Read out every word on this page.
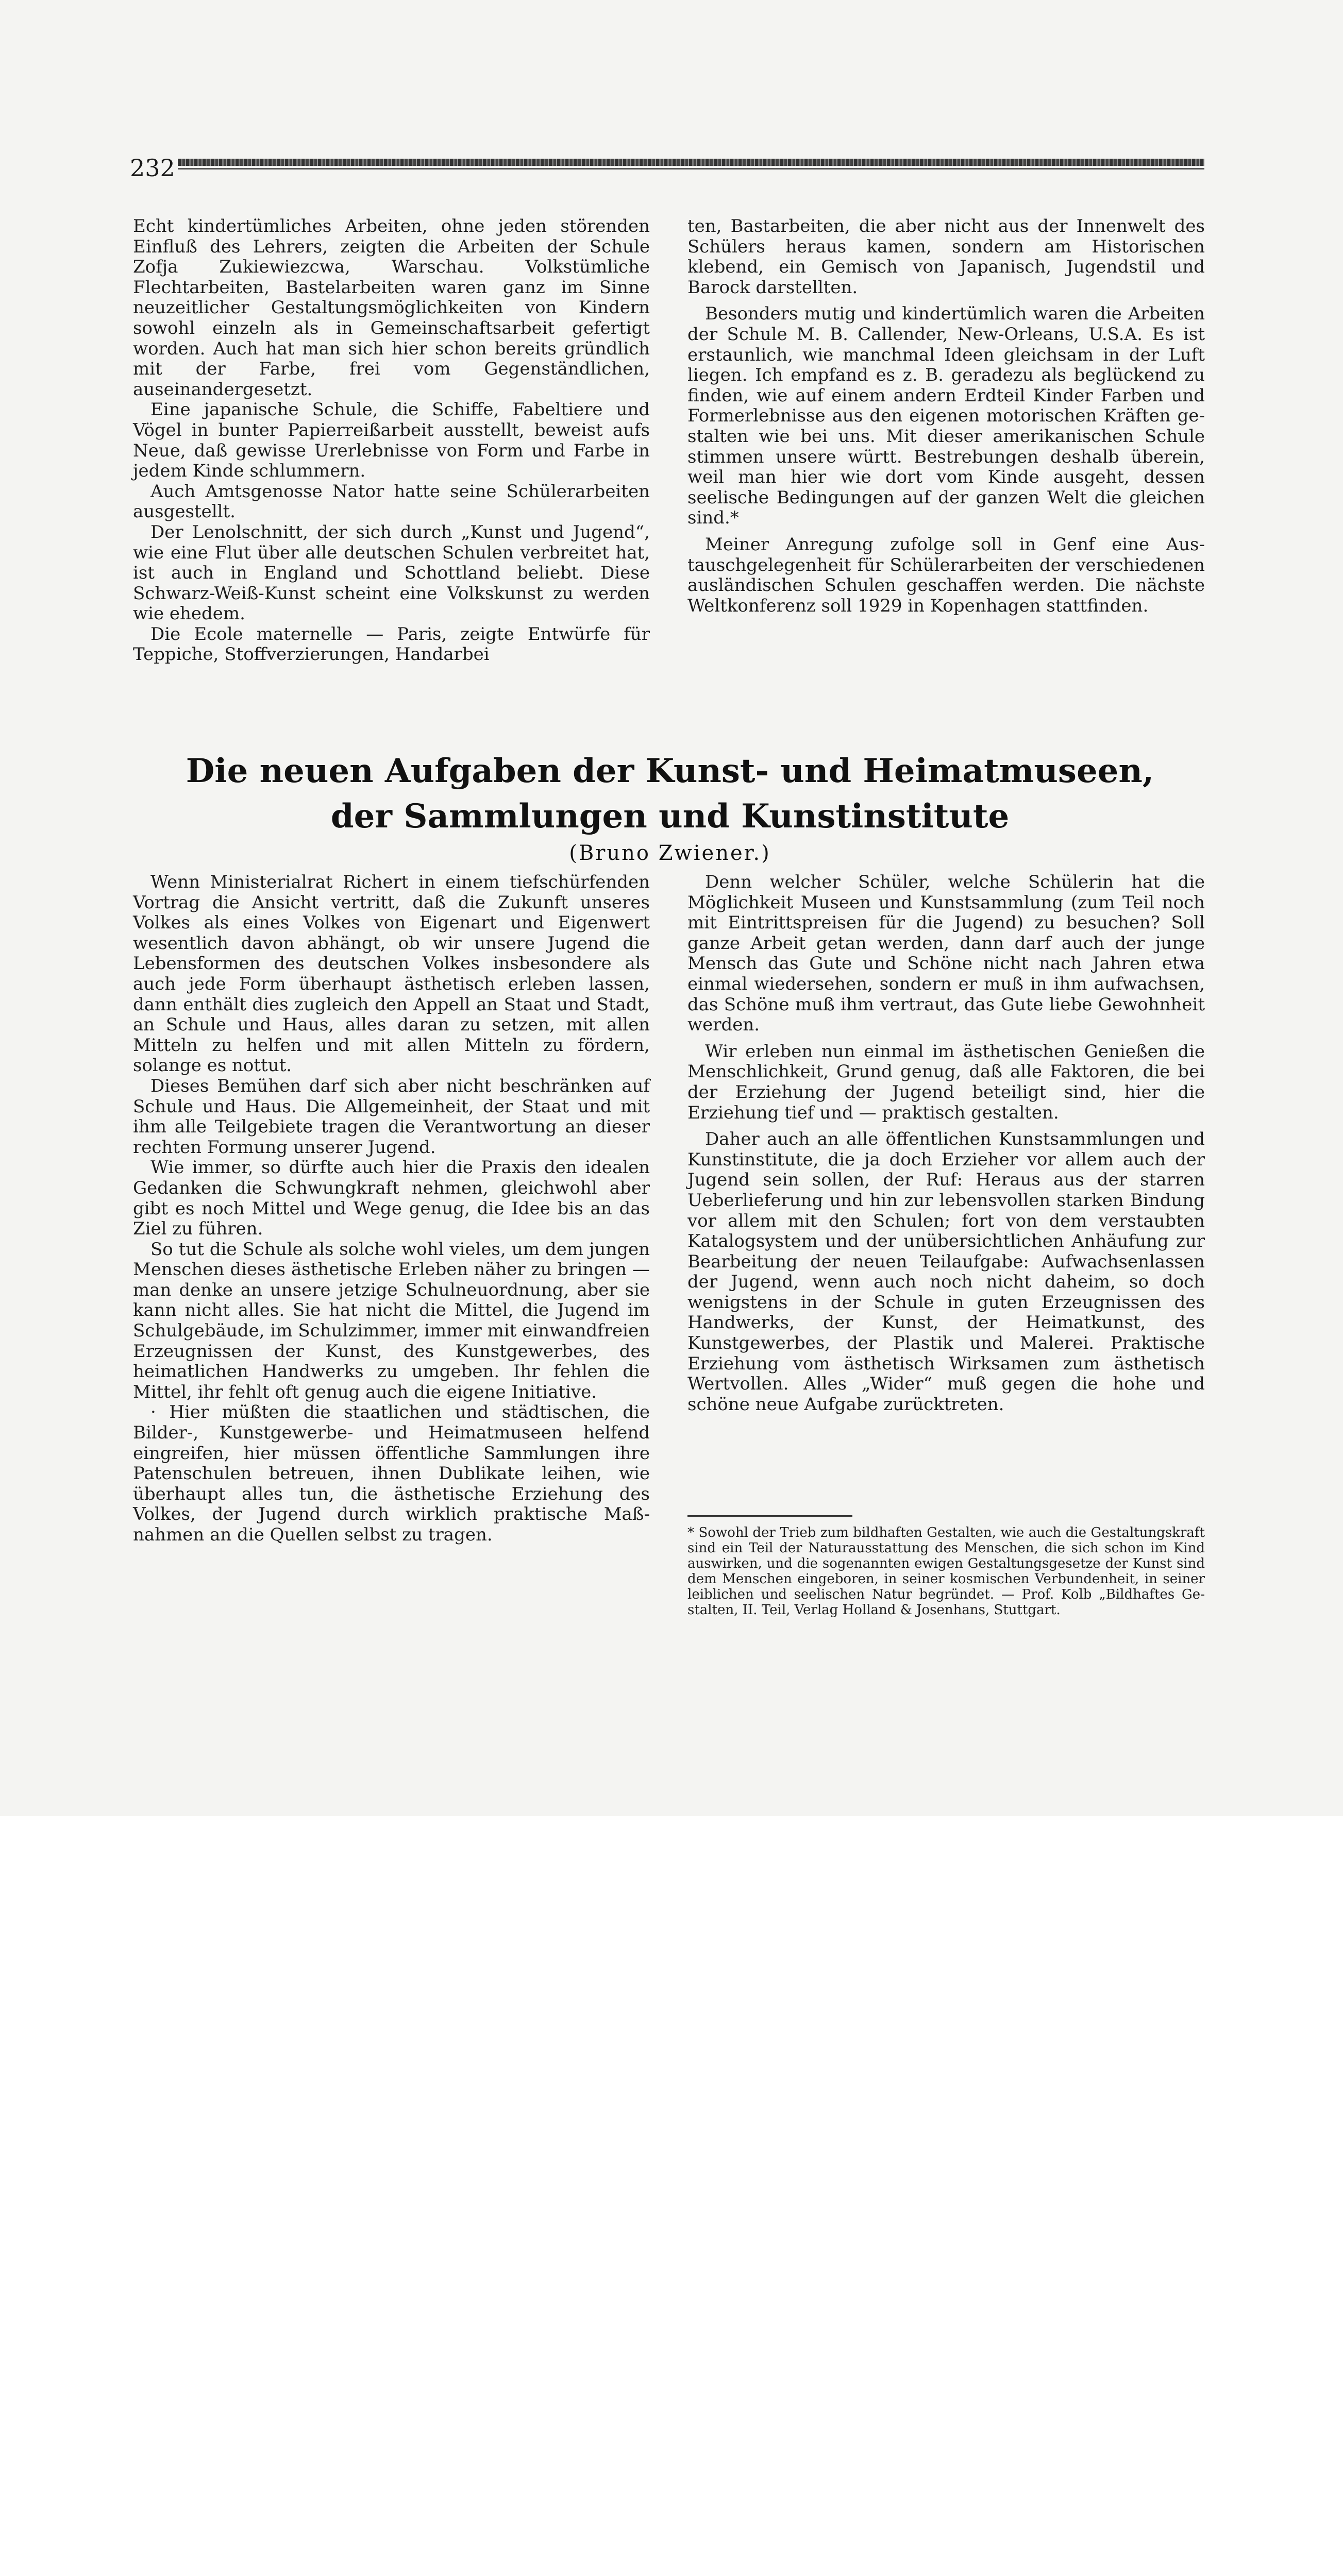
232

Echt kindertümliches Arbeiten, ohne jeden störenden Einfluß des Lehrers, zeigten die Arbeiten der Schule Zofja Zukiewiezcwa, Warschau. Volkstümliche Flechtarbeiten, Bastelarbeiten waren ganz im Sinne neuzeitlicher Gestaltungsmöglichkeiten von Kindern sowohl einzeln als in Gemeinschaftsarbeit gefertigt worden. Auch hat man sich hier schon bereits gründlich mit der Farbe, frei vom Gegenständlichen, auseinandergesetzt.

Eine japanische Schule, die Schiffe, Fabeltiere und Vögel in bunter Papierreißarbeit ausstellt, beweist aufs Neue, daß gewisse Urerlebnisse von Form und Farbe in jedem Kinde schlummern.

Auch Amtsgenosse Nator hatte seine Schülerarbeiten ausgestellt.

Der Lenolschnitt, der sich durch „Kunst und Jugend“, wie eine Flut über alle deutschen Schulen verbreitet hat, ist auch in England und Schottland beliebt. Diese Schwarz-Weiß-Kunst scheint eine Volkskunst zu werden wie ehedem.

Die Ecole maternelle — Paris, zeigte Entwürfe für Teppiche, Stoffverzierungen, Handarbei

ten, Bastarbeiten, die aber nicht aus der Innenwelt des Schülers heraus kamen, sondern am Historischen klebend, ein Gemisch von Japanisch, Jugendstil und Barock darstellten.

Besonders mutig und kindertümlich waren die Arbeiten der Schule M. B. Callender, New-Orleans, U.S.A. Es ist erstaunlich, wie manchmal Ideen gleichsam in der Luft liegen. Ich empfand es z. B. geradezu als beglückend zu finden, wie auf einem andern Erdteil Kinder Farben und Formerlebnisse aus den eigenen motorischen Kräften gestalten wie bei uns. Mit dieser amerikanischen Schule stimmen unsere württ. Bestrebungen deshalb überein, weil man hier wie dort vom Kinde ausgeht, dessen seelische Bedingungen auf der ganzen Welt die gleichen sind.*

Meiner Anregung zufolge soll in Genf eine Austauschgelegenheit für Schülerarbeiten der verschiedenen ausländischen Schulen geschaffen werden. Die nächste Weltkonferenz soll 1929 in Kopenhagen stattfinden.

Die neuen Aufgaben der Kunst- und Heimatmuseen,
der Sammlungen und Kunstinstitute
(Bruno Zwiener.)

Wenn Ministerialrat Richert in einem tiefschürfenden Vortrag die Ansicht vertritt, daß die Zukunft unseres Volkes als eines Volkes von Eigenart und Eigenwert wesentlich davon abhängt, ob wir unsere Jugend die Lebensformen des deutschen Volkes insbesondere als auch jede Form überhaupt ästhetisch erleben lassen, dann enthält dies zugleich den Appell an Staat und Stadt, an Schule und Haus, alles daran zu setzen, mit allen Mitteln zu helfen und mit allen Mitteln zu fördern, solange es nottut.

Dieses Bemühen darf sich aber nicht beschränken auf Schule und Haus. Die Allgemeinheit, der Staat und mit ihm alle Teilgebiete tragen die Verantwortung an dieser rechten Formung unserer Jugend.

Wie immer, so dürfte auch hier die Praxis den idealen Gedanken die Schwungkraft nehmen, gleichwohl aber gibt es noch Mittel und Wege genug, die Idee bis an das Ziel zu führen.

So tut die Schule als solche wohl vieles, um dem jungen Menschen dieses ästhetische Erleben näher zu bringen — man denke an unsere jetzige Schulneuordnung, aber sie kann nicht alles. Sie hat nicht die Mittel, die Jugend im Schulgebäude, im Schulzimmer, immer mit einwandfreien Erzeugnissen der Kunst, des Kunstgewerbes, des heimatlichen Handwerks zu umgeben. Ihr fehlen die Mittel, ihr fehlt oft genug auch die eigene Initiative.

· Hier müßten die staatlichen und städtischen, die Bilder-, Kunstgewerbe- und Heimatmuseen helfend eingreifen, hier müssen öffentliche Sammlungen ihre Patenschulen betreuen, ihnen Dublikate leihen, wie überhaupt alles tun, die ästhetische Erziehung des Volkes, der Jugend durch wirklich praktische Maßnahmen an die Quellen selbst zu tragen.

Denn welcher Schüler, welche Schülerin hat die Möglichkeit Museen und Kunstsammlung (zum Teil noch mit Eintrittspreisen für die Jugend) zu besuchen? Soll ganze Arbeit getan werden, dann darf auch der junge Mensch das Gute und Schöne nicht nach Jahren etwa einmal wiedersehen, sondern er muß in ihm aufwachsen, das Schöne muß ihm vertraut, das Gute liebe Gewohnheit werden.

Wir erleben nun einmal im ästhetischen Genießen die Menschlichkeit, Grund genug, daß alle Faktoren, die bei der Erziehung der Jugend beteiligt sind, hier die Erziehung tief und — praktisch gestalten.

Daher auch an alle öffentlichen Kunstsammlungen und Kunstinstitute, die ja doch Erzieher vor allem auch der Jugend sein sollen, der Ruf: Heraus aus der starren Ueberlieferung und hin zur lebensvollen starken Bindung vor allem mit den Schulen; fort von dem verstaubten Katalogsystem und der unübersichtlichen Anhäufung zur Bearbeitung der neuen Teilaufgabe: Aufwachsenlassen der Jugend, wenn auch noch nicht daheim, so doch wenigstens in der Schule in guten Erzeugnissen des Handwerks, der Kunst, der Heimatkunst, des Kunstgewerbes, der Plastik und Malerei. Praktische Erziehung vom ästhetisch Wirksamen zum ästhetisch Wertvollen. Alles „Wider“ muß gegen die hohe und schöne neue Aufgabe zurücktreten.

* Sowohl der Trieb zum bildhaften Gestalten, wie auch die Gestaltungskraft sind ein Teil der Naturausstattung des Menschen, die sich schon im Kind auswirken, und die sogenannten ewigen Gestaltungsgesetze der Kunst sind dem Menschen eingeboren, in seiner kosmischen Verbundenheit, in seiner leiblichen und seelischen Natur begründet. — Prof. Kolb „Bildhaftes Gestalten, II. Teil, Verlag Holland & Josenhans, Stuttgart.
